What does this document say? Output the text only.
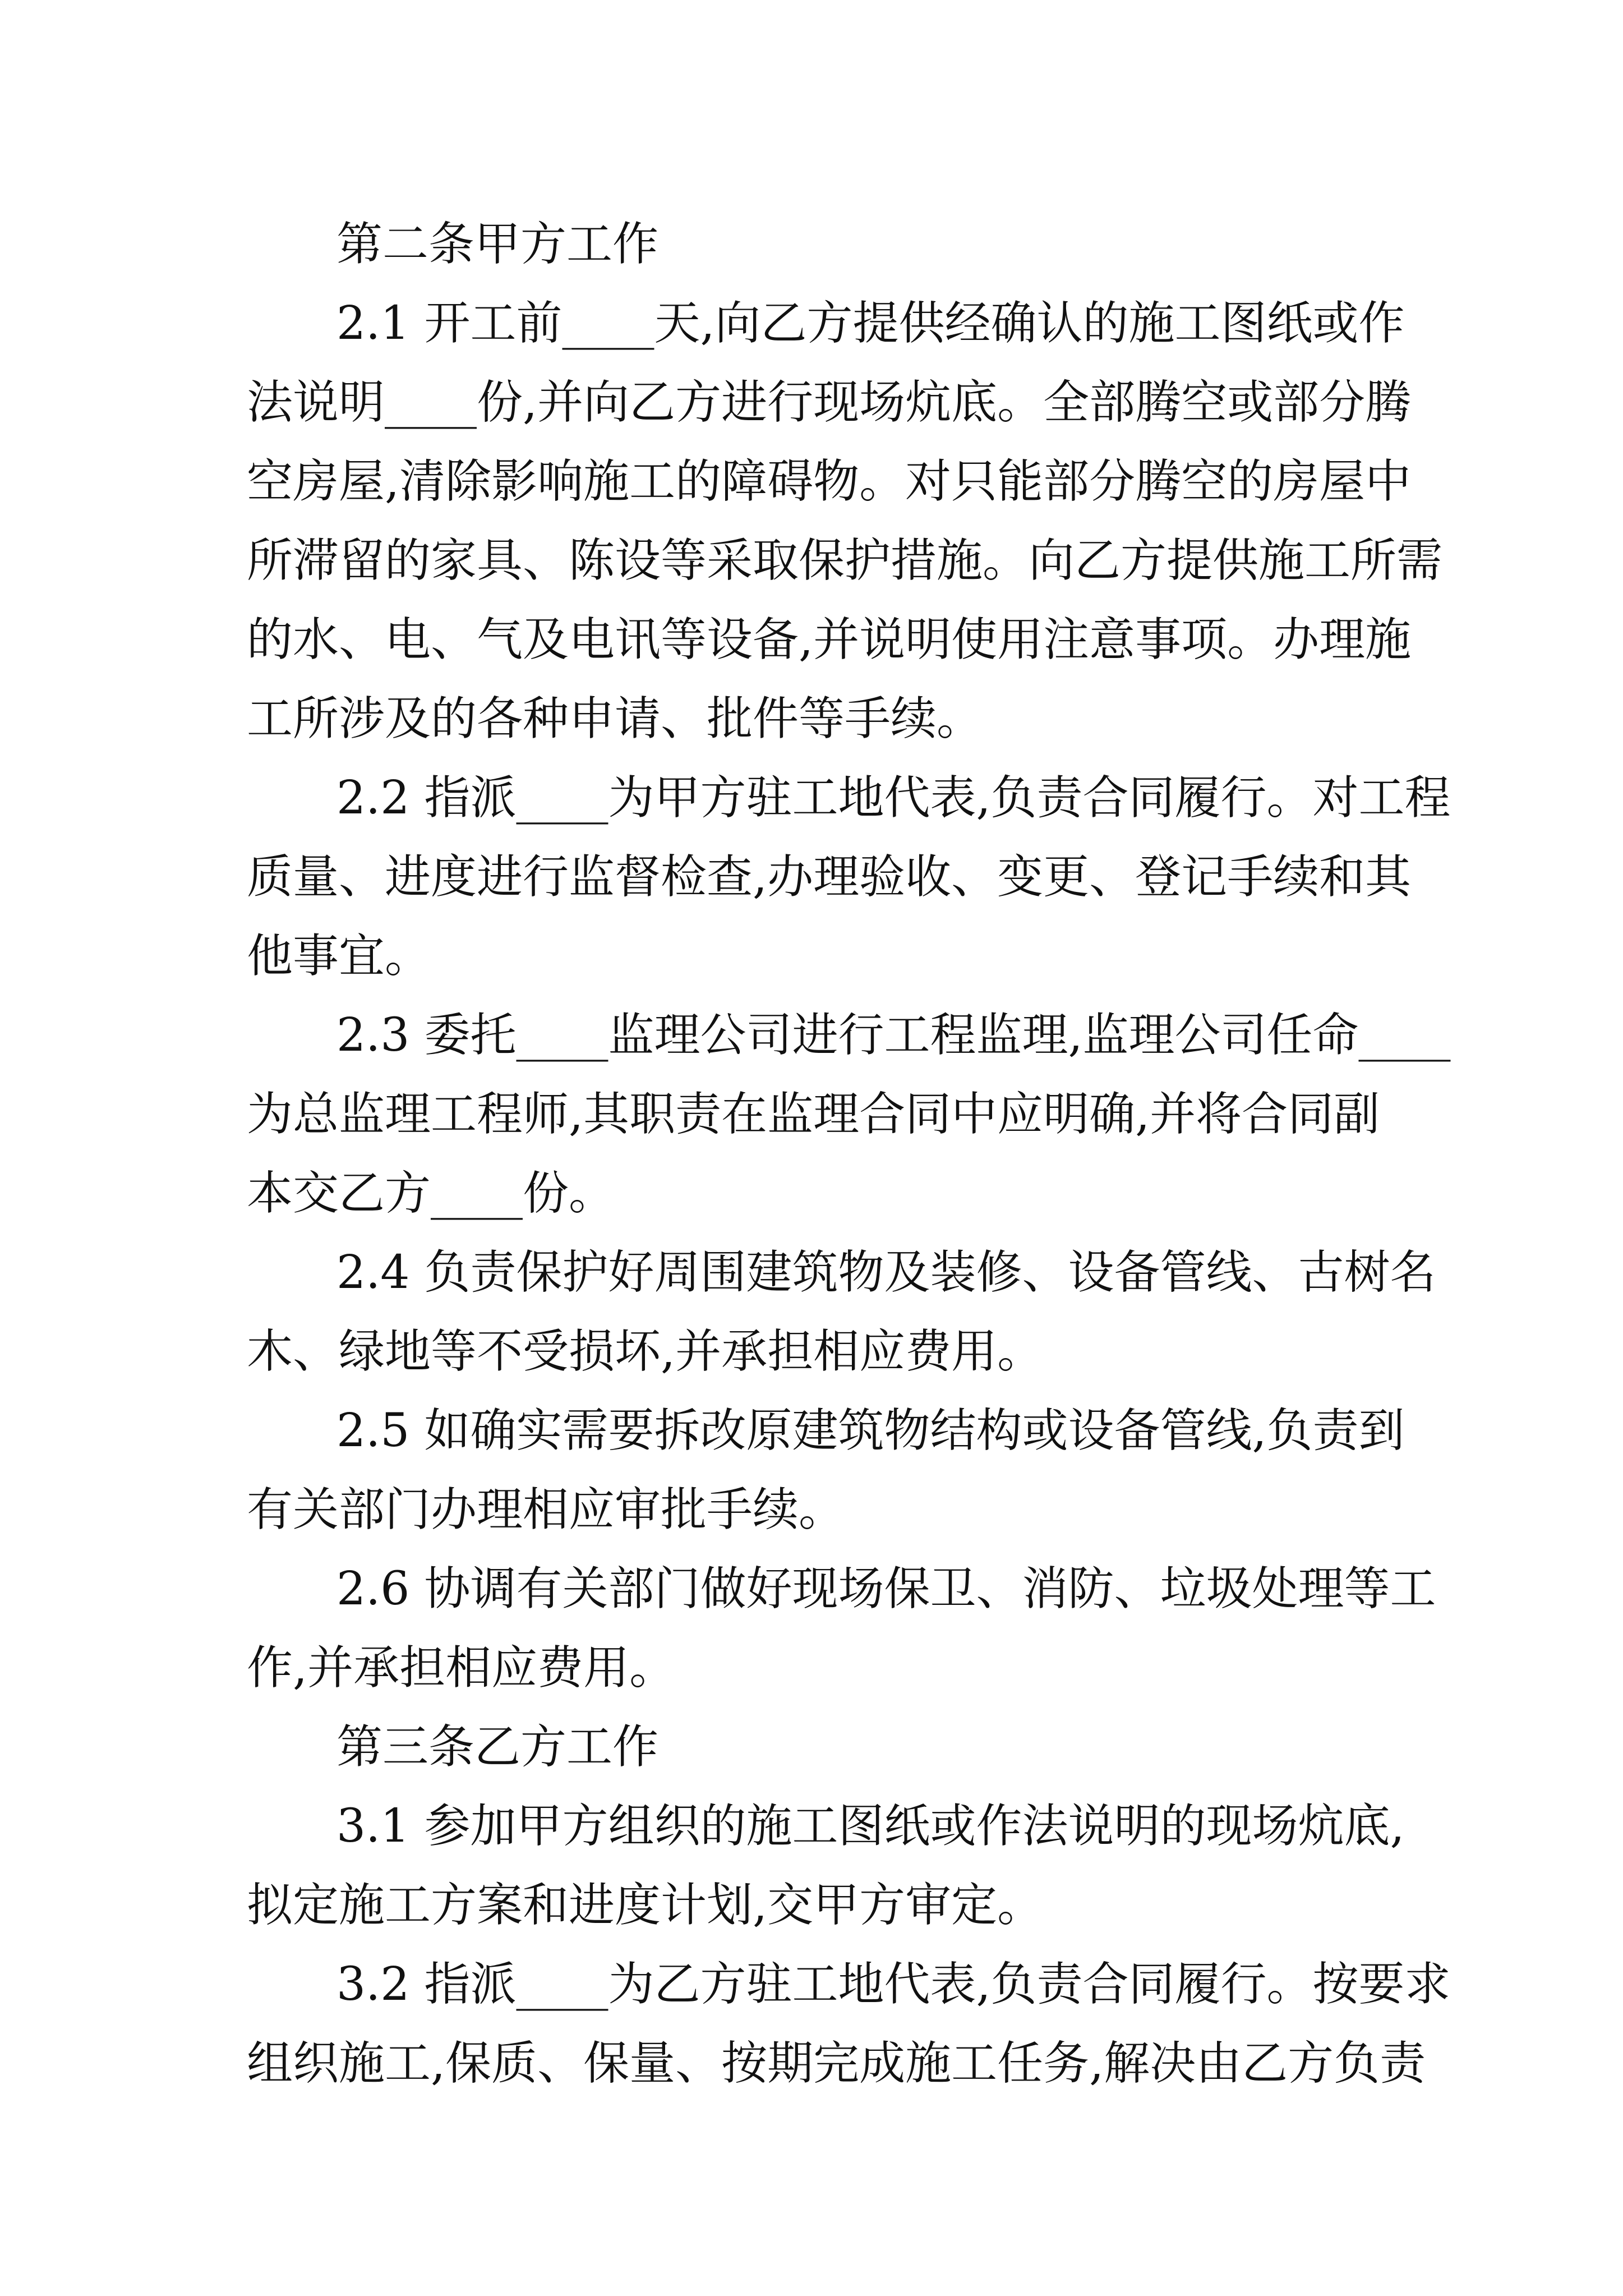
第二条甲方工作
2.1 开工前____天,向乙方提供经确认的施工图纸或作
法说明____份,并向乙方进行现场炕底。全部腾空或部分腾
空房屋,清除影响施工的障碍物。对只能部分腾空的房屋中
所滞留的家具、陈设等采取保护措施。向乙方提供施工所需
的水、电、气及电讯等设备,并说明使用注意事项。办理施
工所涉及的各种申请、批件等手续。
2.2 指派____为甲方驻工地代表,负责合同履行。对工程
质量、进度进行监督检查,办理验收、变更、登记手续和其
他事宜。
2.3 委托____监理公司进行工程监理,监理公司任命____
为总监理工程师,其职责在监理合同中应明确,并将合同副
本交乙方____份。
2.4 负责保护好周围建筑物及装修、设备管线、古树名
木、绿地等不受损坏,并承担相应费用。
2.5 如确实需要拆改原建筑物结构或设备管线,负责到
有关部门办理相应审批手续。
2.6 协调有关部门做好现场保卫、消防、垃圾处理等工
作,并承担相应费用。
第三条乙方工作
3.1 参加甲方组织的施工图纸或作法说明的现场炕底,
拟定施工方案和进度计划,交甲方审定。
3.2 指派____为乙方驻工地代表,负责合同履行。按要求
组织施工,保质、保量、按期完成施工任务,解决由乙方负责
